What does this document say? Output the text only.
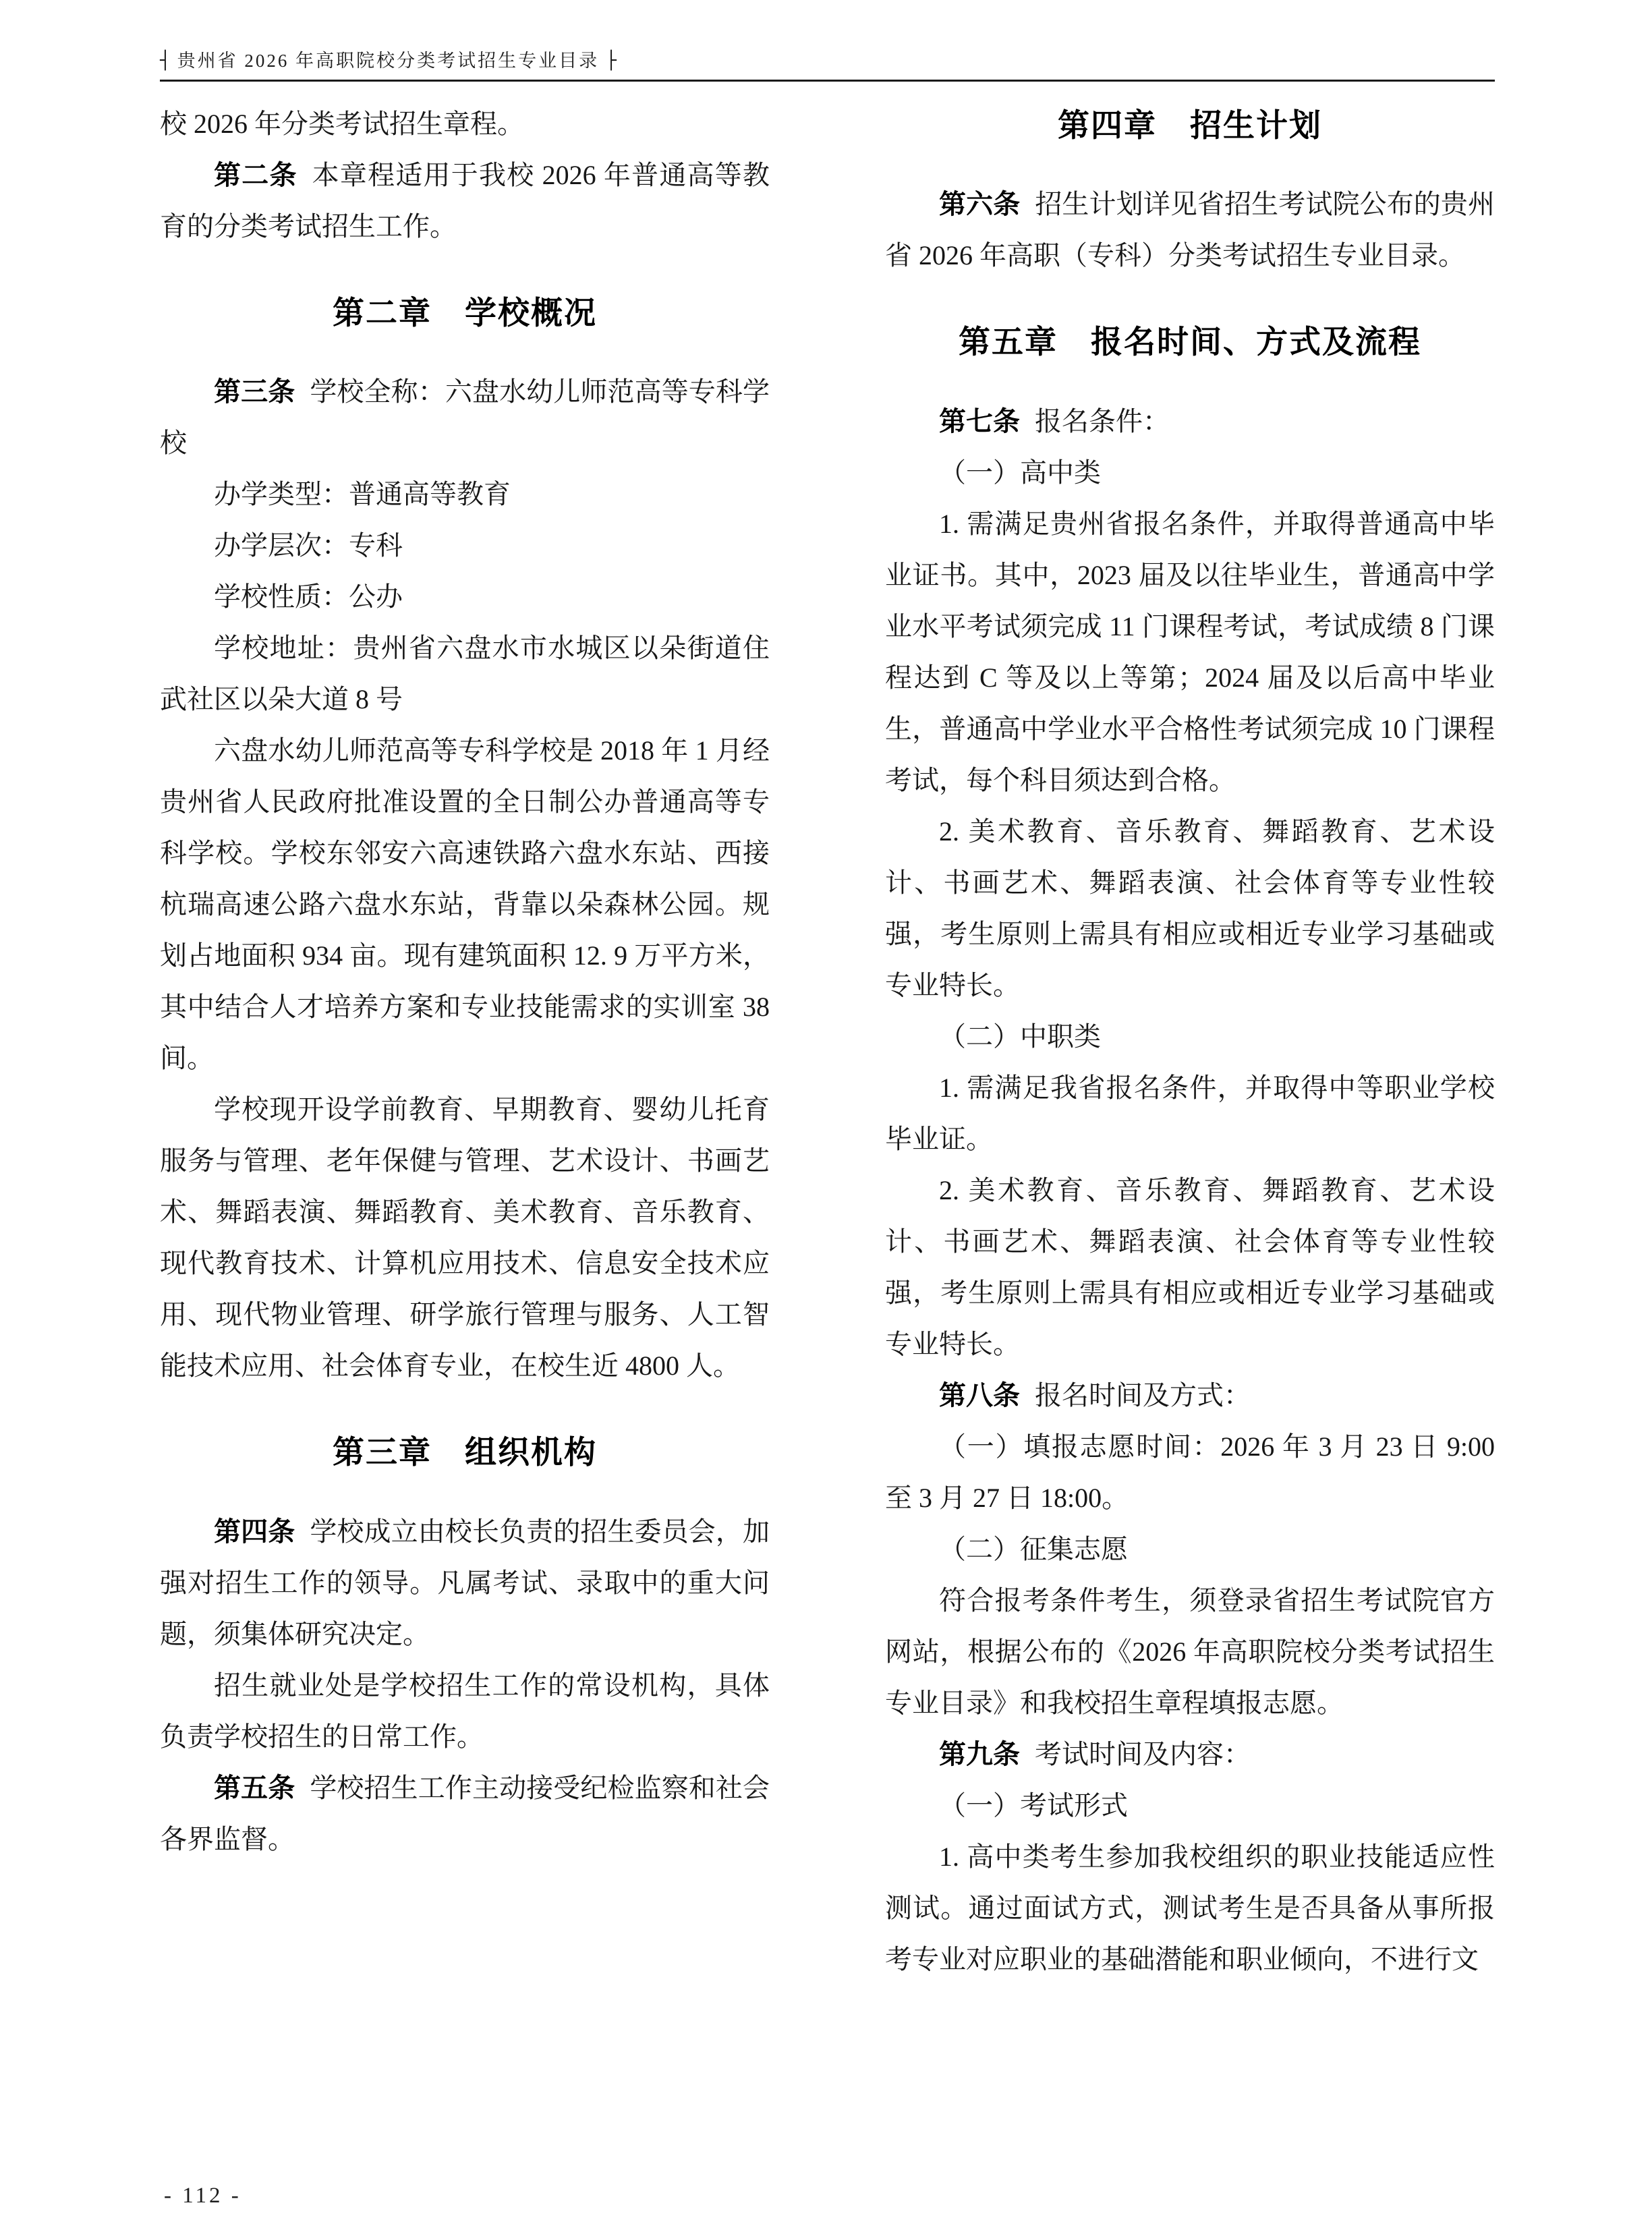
┤ 贵州省 2026 年高职院校分类考试招生专业目录 ├

校 2026 年分类考试招生章程。

第二条 本章程适用于我校 2026 年普通高等教育的分类考试招生工作。

第二章　学校概况

第三条 学校全称：六盘水幼儿师范高等专科学校

办学类型：普通高等教育

办学层次：专科

学校性质：公办

学校地址：贵州省六盘水市水城区以朵街道住武社区以朵大道 8 号

六盘水幼儿师范高等专科学校是 2018 年 1 月经贵州省人民政府批准设置的全日制公办普通高等专科学校。学校东邻安六高速铁路六盘水东站、西接杭瑞高速公路六盘水东站，背靠以朵森林公园。规划占地面积 934 亩。现有建筑面积 12. 9 万平方米，其中结合人才培养方案和专业技能需求的实训室 38 间。

学校现开设学前教育、早期教育、婴幼儿托育服务与管理、老年保健与管理、艺术设计、书画艺术、舞蹈表演、舞蹈教育、美术教育、音乐教育、现代教育技术、计算机应用技术、信息安全技术应用、现代物业管理、研学旅行管理与服务、人工智能技术应用、社会体育专业，在校生近 4800 人。

第三章　组织机构

第四条 学校成立由校长负责的招生委员会，加强对招生工作的领导。凡属考试、录取中的重大问题，须集体研究决定。

招生就业处是学校招生工作的常设机构，具体负责学校招生的日常工作。

第五条 学校招生工作主动接受纪检监察和社会各界监督。

第四章　招生计划

第六条 招生计划详见省招生考试院公布的贵州省 2026 年高职（专科）分类考试招生专业目录。

第五章　报名时间、方式及流程

第七条 报名条件：

（一）高中类

1. 需满足贵州省报名条件，并取得普通高中毕业证书。其中，2023 届及以往毕业生，普通高中学业水平考试须完成 11 门课程考试，考试成绩 8 门课程达到 C 等及以上等第；2024 届及以后高中毕业生，普通高中学业水平合格性考试须完成 10 门课程考试，每个科目须达到合格。

2. 美术教育、音乐教育、舞蹈教育、艺术设计、书画艺术、舞蹈表演、社会体育等专业性较强，考生原则上需具有相应或相近专业学习基础或专业特长。

（二）中职类

1. 需满足我省报名条件，并取得中等职业学校毕业证。

2. 美术教育、音乐教育、舞蹈教育、艺术设计、书画艺术、舞蹈表演、社会体育等专业性较强，考生原则上需具有相应或相近专业学习基础或专业特长。

第八条 报名时间及方式：

（一）填报志愿时间：2026 年 3 月 23 日 9:00 至 3 月 27 日 18:00。

（二）征集志愿

符合报考条件考生，须登录省招生考试院官方网站，根据公布的《2026 年高职院校分类考试招生专业目录》和我校招生章程填报志愿。

第九条 考试时间及内容：

（一）考试形式

1. 高中类考生参加我校组织的职业技能适应性测试。通过面试方式，测试考生是否具备从事所报考专业对应职业的基础潜能和职业倾向，不进行文

- 112 -
